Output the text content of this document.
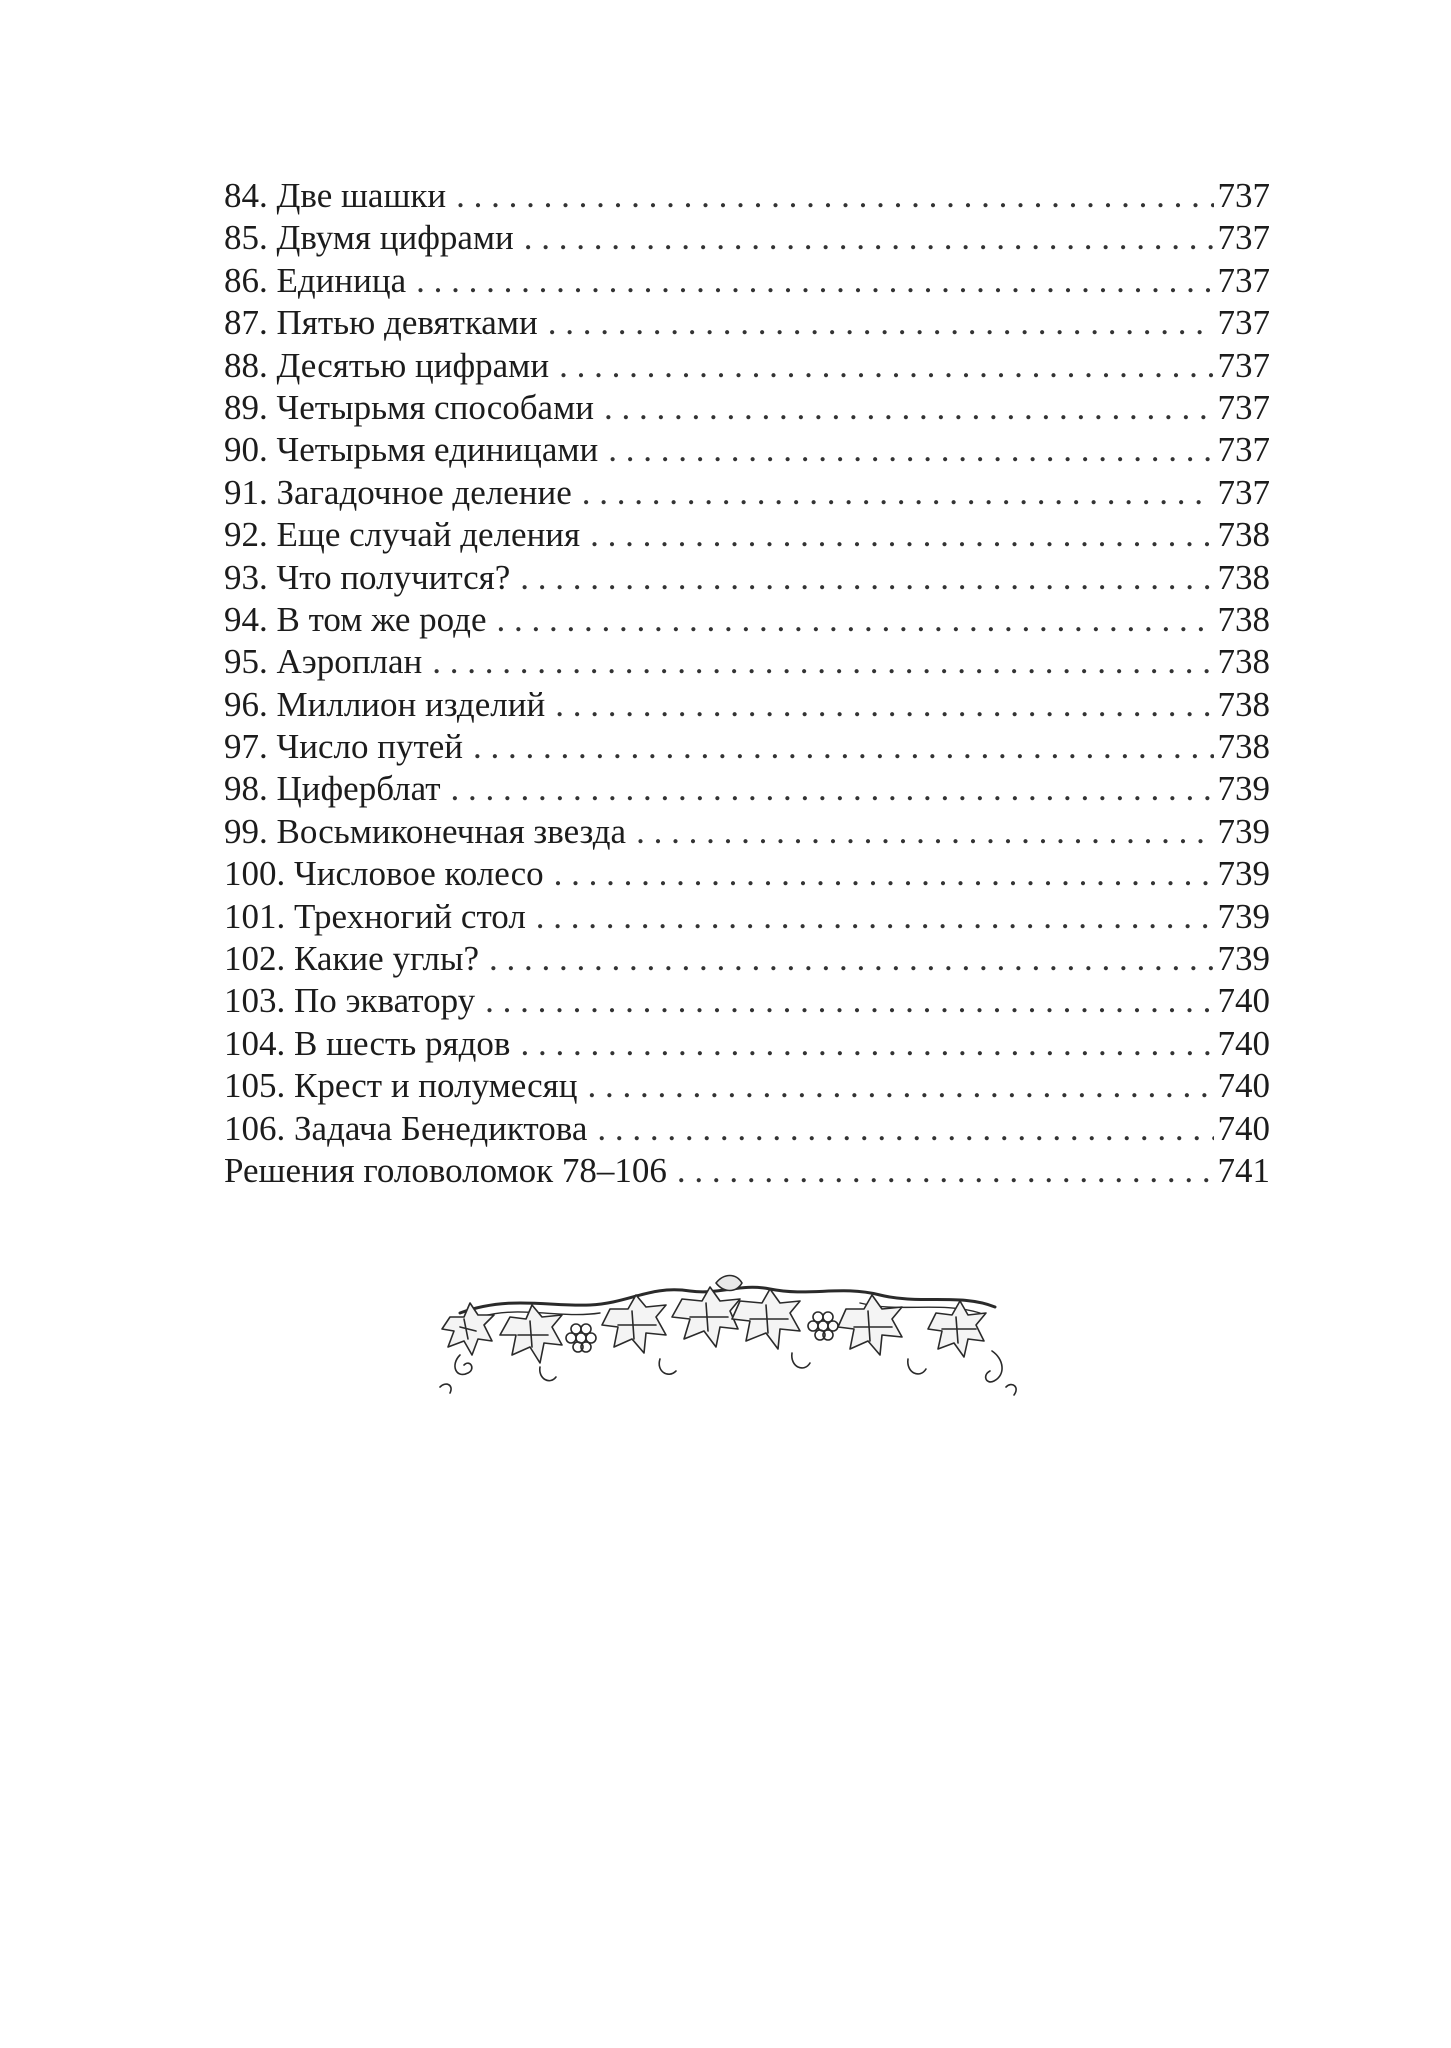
84. Две шашки . . .	737
85. Двумя цифрами . . .	737
86. Единица . . .	737
87. Пятью девятками . . .	737
88. Десятью цифрами . . .	737
89. Четырьмя способами . . .	737
90. Четырьмя единицами . . .	737
91. Загадочное деление . . .	737
92. Еще случай деления . . .	738
93. Что получится? . . .	738
94. В том же роде . . .	738
95. Аэроплан . . .	738
96. Миллион изделий . . .	738
97. Число путей . . .	738
98. Циферблат . . .	739
99. Восьмиконечная звезда . . .	739
100. Числовое колесо . . .	739
101. Трехногий стол . . .	739
102. Какие углы? . . .	739
103. По экватору . . .	740
104. В шесть рядов . . .	740
105. Крест и полумесяц . . .	740
106. Задача Бенедиктова . . .	740
Решения головоломок 78–106 . . .	741
